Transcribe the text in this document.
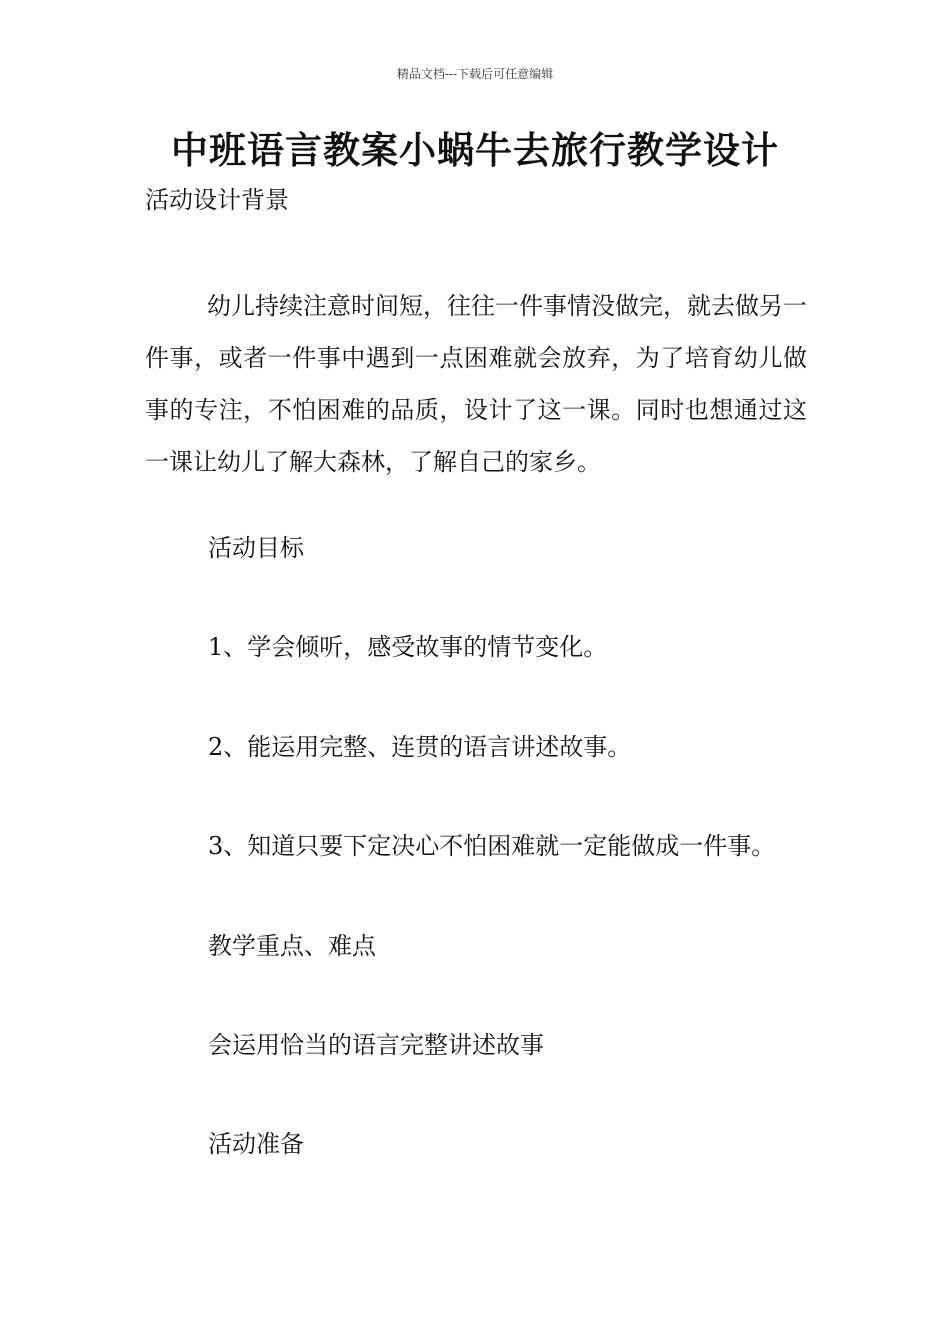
精品文档---下载后可任意编辑
中班语言教案小蜗牛去旅行教学设计
活动设计背景

幼儿持续注意时间短，往往一件事情没做完，就去做另一件事，或者一件事中遇到一点困难就会放弃，为了培育幼儿做事的专注，不怕困难的品质，设计了这一课。同时也想通过这一课让幼儿了解大森林，了解自己的家乡。

活动目标
1、学会倾听，感受故事的情节变化。
2、能运用完整、连贯的语言讲述故事。
3、知道只要下定决心不怕困难就一定能做成一件事。
教学重点、难点
会运用恰当的语言完整讲述故事
活动准备
